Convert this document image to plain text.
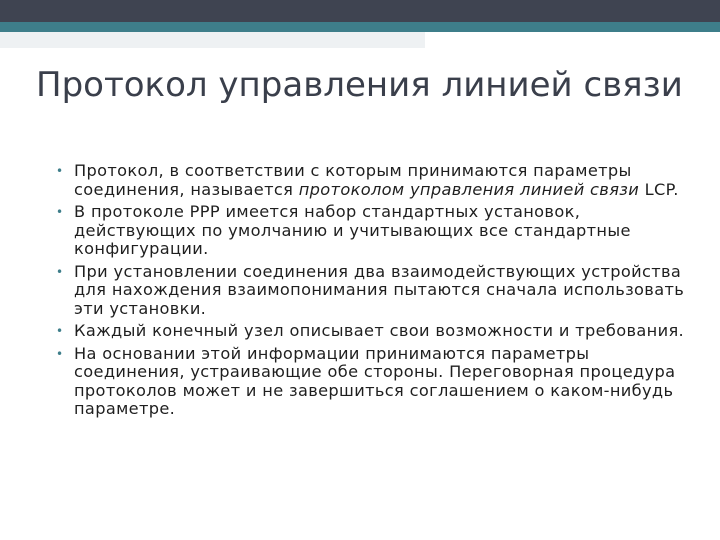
Протокол управления линией связи
• Протокол, в соответствии с которым принимаются параметры соединения, называется протоколом управления линией связи LCP.
• В протоколе PPP имеется набор стандартных установок, действующих по умолчанию и учитывающих все стандартные конфигурации.
• При установлении соединения два взаимодействующих устройства для нахождения взаимопонимания пытаются сначала использовать эти установки.
• Каждый конечный узел описывает свои возможности и требования.
• На основании этой информации принимаются параметры соединения, устраивающие обе стороны. Переговорная процедура протоколов может и не завершиться соглашением о каком-нибудь параметре.
